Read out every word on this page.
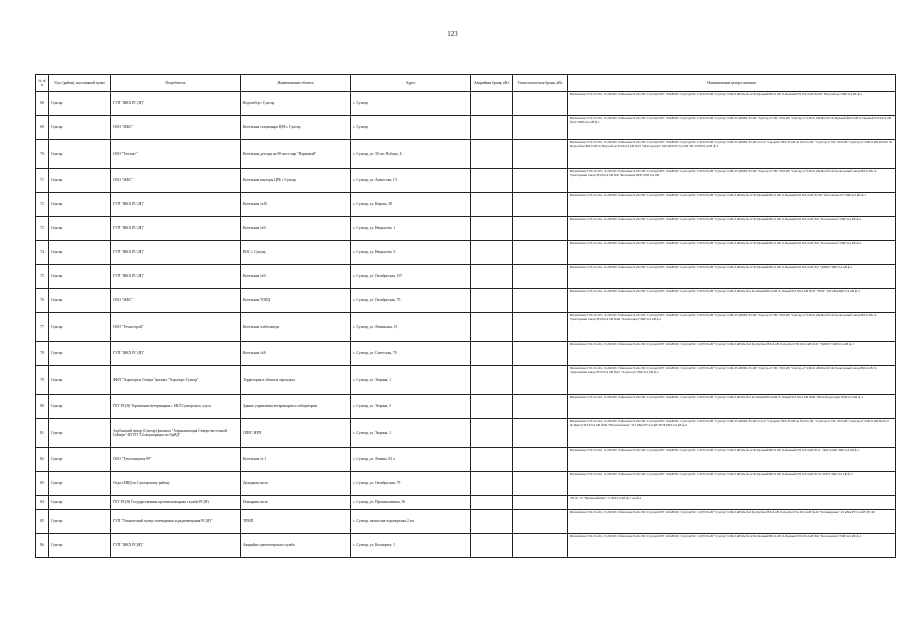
123
№ п/п	Улус (район), населенный пункт	Потребитель	Наименование объекта	Адрес	Аварийная броня, кВт	Технологическая броня, кВт	Наименование центра питания

68	Сунтар	ГУП "ЖКХ РС (Я)"	Водозабор с Сунтар	с. Сунтар			Вилюйская ГЭС/Л-201, Л-202/ПС Районная/Л-241/ПС Сунтар/ОРУ 110кВ/ПС Сунтар/ПС 110/35/6 кВ "Сунтар"/СШ-6 кВ/Яч.№12 Ф-Правый/ВЛ-6 кВ Л-Правый/ТП 6/0,4 кВ №205 "Водозабор"/ЩР-0,4 кВ ф-1

69	Сунтар	ООО "ЖКС"	Котельная стационара ЦРБ с Сунтар	с. Сунтар			Вилюйская ГЭС/Л-201, Л-202/ПС Районная/Л-241/ПС Сунтар/ОРУ 110кВ/ПС Сунтар/ПС 110/35/6 кВ "Сунтар"/СШ-35 кВ/ВЛ-35 кВ "Сунтар-2"/ПС 35/6 кВ "Сунтар-2"/СШ-6 кВ/Яч.№3 Ф-Правый/ВЛ-6 кВ Л-Правый/ТП 6/0,4 кВ №217/ЩР-0,4 кВ ф-1

70	Сунтар	ООО "Теплая+"	Котельная детсада на 90 мест мкр "Парковый"	с. Сунтар, ул. 30 лет Победы, 6			Вилюйская ГЭС/Л-201, Л-202/ПС Районная/Л-241/ПС Сунтар/ОРУ 110кВ/ПС Сунтар/ПС 110/35/6 кВ "Сунтар"/СШ-35 кВ/ВЛ-35 кВ Л-312 "Сардана"/ВЛ-35 кВ оп.№10 к ПС "Сунтар-2"/ПС 35/6 кВ "Сунтар-2"/СШ-6 кВ/Яч.№5 Ф-Водозабор/ВЛ-6 кВ Л-Водозабор/ТП 6/0,4 кВ №25 "Мастерская" 630 кВА/РУ 0,4 кВ ТП 25/ВЛ 0,4 кВ ф-3

71	Сунтар	ООО "ЖКС"	Котельная конторы ЦРБ с Сунтар	с. Сунтар, ул. Аммосова, 1/1			Вилюйская ГЭС/Л-201, Л-202/ПС Районная/Л-241/ПС Сунтар/ОРУ 110кВ/ПС Сунтар/ПС 110/35/6 кВ "Сунтар"/СШ-35 кВ/ВЛ-35 кВ "Сунтар-2"/ПС 35/6 кВ "Сунтар-2"/СШ-6 кВ/Яч.№3 Ф-Тракторный завод/ВЛ-6 кВ Л-Тракторный завод/ТП 6/0,4 кВ №8 "Котельная ЦРБ"/ЩР 0,4 кВ

72	Сунтар	ГУП "ЖКХ РС (Я)"	Котельная №10	с. Сунтар, ул. Кирова, 38			Вилюйская ГЭС/Л-201, Л-202/ПС Районная/Л-241/ПС Сунтар/ОРУ 110кВ/ПС Сунтар/ПС 110/35/6 кВ "Сунтар"/СШ-6 кВ/Яч.№12 Ф-Правый/ВЛ-6 кВ Л-Правый/ТП 6/0,4 кВ №105 "Котельная-10"/ЩР-0,4 кВ ф-1

73	Сунтар	ГУП "ЖКХ РС (Я)"	Котельная №9	с. Сунтар, ул. Некрасова, 1			Вилюйская ГЭС/Л-201, Л-202/ПС Районная/Л-241/ПС Сунтар/ОРУ 110кВ/ПС Сунтар/ПС 110/35/6 кВ "Сунтар"/СШ-6 кВ/Яч.№12 Ф-Правый/ВЛ-6 кВ Л-Правый/ТП 6/0,4 кВ №6 "Котельная-9"/ЩР-0,4 кВ ф-2

74	Сунтар	ГУП "ЖКХ РС (Я)"	ВОС с Сунтар	с. Сунтар, ул. Некрасова, 3			Вилюйская ГЭС/Л-201, Л-202/ПС Районная/Л-241/ПС Сунтар/ОРУ 110кВ/ПС Сунтар/ПС 110/35/6 кВ "Сунтар"/СШ-6 кВ/Яч.№12 Ф-Правый/ВЛ-6 кВ Л-Правый/ТП 6/0,4 кВ №6 "Котельная-9"/ЩР-0,4 кВ ф-3

75	Сунтар	ГУП "ЖКХ РС (Я)"	Котельная №9	с. Сунтар, ул. Октябрьская, 107			Вилюйская ГЭС/Л-201, Л-202/ПС Районная/Л-241/ПС Сунтар/ОРУ 110кВ/ПС Сунтар/ПС 110/35/6 кВ "Сунтар"/СШ-6 кВ/Яч.№12 Ф-Правый/ВЛ-6 кВ Л-Правый/ТП 6/0,4 кВ №2 "ДМШ"/ЩР-0,4 кВ ф-1

76	Сунтар	ООО "ЖКС"	Котельная УОВД	с. Сунтар, ул. Октябрьская, 79			Вилюйская ГЭС/Л-201, Л-202/ПС Районная/Л-241/ПС Сунтар/ОРУ 110кВ/ПС Сунтар/ПС 110/35/6 кВ "Сунтар"/СШ-6 кВ/Яч.№3 Ф-Левый/ВЛ-6 кВ Л-Левый/ТП 6/0,4 кВ №70 "ПТО" 250 кВА/ЩР-0,4 кВ ф-3

77	Сунтар	ООО "Технострой"	Котельная хлебозавода	с. Сунтар, ул. Ленинская, 13			Вилюйская ГЭС/Л-201, Л-202/ПС Районная/Л-241/ПС Сунтар/ОРУ 110кВ/ПС Сунтар/ПС 110/35/6 кВ "Сунтар"/СШ-35 кВ/ВЛ-35 кВ "Сунтар-2"/ПС 35/6 кВ "Сунтар-2"/СШ-6 кВ/Яч.№3 Ф-Тракторный завод/ВЛ-6 кВ Л-Тракторный завод/ТП 6/0,4 кВ №49 "Хлебозавод"/ЩР-0,4 кВ ф-1

78	Сунтар	ГУП "ЖКХ РС (Я)"	Котельная №8	с. Сунтар, ул. Советская, 70			Вилюйская ГЭС/Л-201, Л-202/ПС Районная/Л-241/ПС Сунтар/ОРУ 110кВ/ПС Сунтар/ПС 110/35/6 кВ "Сунтар"/СШ-6 кВ/Яч.№4 Ф-Дорбыт/ВЛ-6 кВ Л-Дорбыт/ТП 6/0,4 кВ №31 "ММТС"/ЩР-0,4 кВ ф-1

79	Сунтар	ФКП "Аэропорты Севера" филиал "Аэропорт Сунтар"	Территория и объекты аэропорта	с. Сунтар, ул. Тюрина, 1			Вилюйская ГЭС/Л-201, Л-202/ПС Районная/Л-241/ПС Сунтар/ОРУ 110кВ/ПС Сунтар/ПС 110/35/6 кВ "Сунтар"/СШ-35 кВ/ВЛ-35 кВ "Сунтар-2"/ПС 35/6 кВ "Сунтар-2"/СШ-6 кВ/Яч.№3 Ф-Тракторный завод/ВЛ-6 кВ Л-Тракторный завод/ТП 6/0,4 кВ №47 "Аэропорт"/ЩР-0,4 кВ ф-1

80	Сунтар	ГБУ РС(Я) Управление ветеринарии с БВЛ Сунтарского улуса	Здание управления ветеринарии и лаборатории	с. Сунтар, ул. Тюрина, 3			Вилюйская ГЭС/Л-201, Л-202/ПС Районная/Л-241/ПС Сунтар/ОРУ 110кВ/ПС Сунтар/ПС 110/35/6 кВ "Сунтар"/СШ-6 кВ/Яч.№3 Ф-Левый/ВЛ-6 кВ Л-Левый/ТП 6/0,4 кВ №60 "Ветлаборатория"/ЩР-0,4 кВ ф-1

81	Сунтар	Аэрбанский центр (Сунтар) филиала "Аэронавигация Северо-восточной Сибири" ФГУП "Госкорпорация по ОрВД"	ОПРС НРП	с. Сунтар, ул. Тюрина, 1			Вилюйская ГЭС/Л-201, Л-202/ПС Районная/Л-241/ПС Сунтар/ОРУ 110кВ/ПС Сунтар/ПС 110/35/6 кВ "Сунтар"/СШ-35 кВ/ВЛ-35 кВ Л-312 "Сардана"/ВЛ-35 кВ оп.№10 к ПС "Сунтар-2"/ПС 35/6 кВ "Сунтар-2"/СШ-6 кВ/Яч.№ 9 Ф-Центр/ТП 6/0,4 кВ №84 "Ветлечебница" 315 кВА/РУ 0,4 кВ ТП 84/ВЛ 0,4 кВ ф-2

82	Сунтар	ООО "Теплоэнергия-99"	Котельная № 1	с. Сунтар, ул. Ленина, 81 а			Вилюйская ГЭС/Л-201, Л-202/ПС Районная/Л-241/ПС Сунтар/ОРУ 110кВ/ПС Сунтар/ПС 110/35/6 кВ "Сунтар"/СШ-6 кВ/Яч.№12 Ф-Правый/ВЛ-6 кВ Л-Правый/ТП 6/0,4 кВ №11 "ДОСААФ"/ЩР-0,4 кВ ф-1

83	Сунтар	Отдел МВД по Сунтарскому району	Дежурная часть	с. Сунтар, ул. Октябрьская, 79			Вилюйская ГЭС/Л-201, Л-202/ПС Районная/Л-241/ПС Сунтар/ОРУ 110кВ/ПС Сунтар/ПС 110/35/6 кВ "Сунтар"/СШ-6 кВ/Яч.№12 Ф-Правый/ВЛ-6 кВ Л-Правый/ТП 6/0,4 кВ №70 "ПТО"/ЩР-0,4 кВ ф-3

84	Сунтар	ГБУ РС(Я) Государственная противопожарная служба РС(Я)	Пожарная часть	с. Сунтар, ул. Промышленная, 36			ТП № 15 "Промкомбинат" от ВЛ 0,4 кВ ф-1 оп.№3

85	Сунтар	ГУП "Технический центр телевидения и радиовещания РС(Я)"	ТРМП	с. Сунтар, пятисотка-аэропортная 2 шт			Вилюйская ГЭС/Л-201, Л-202/ПС Районная/Л-241/ПС Сунтар/ОРУ 110кВ/ПС Сунтар/ПС 110/35/6 кВ "Сунтар"/СШ-6 кВ/Яч.№4 Ф-Дорбыт/ВЛ-6 кВ Л-Дорбыт/ТА 6/0,4 кВ №40 "Телевидение" 25 кВА/РУ 0,4 кВ ТП 40

86	Сунтар	ГУП "ЖКХ РС(Я)"	Аварийно-диспетчерская служба	с. Сунтар, ул. Кооперата, 1			Вилюйская ГЭС/Л-201, Л-202/ПС Районная/Л-241/ПС Сунтар/ОРУ 110кВ/ПС Сунтар/ПС 110/35/6 кВ "Сунтар"/СШ-6 кВ/Яч.№12 Ф-Правый/ВЛ-6 кВ Л-Правый/ТП 6/0,4 кВ №6 "Котельная-9"/ЩР-0,4 кВ ф-1
